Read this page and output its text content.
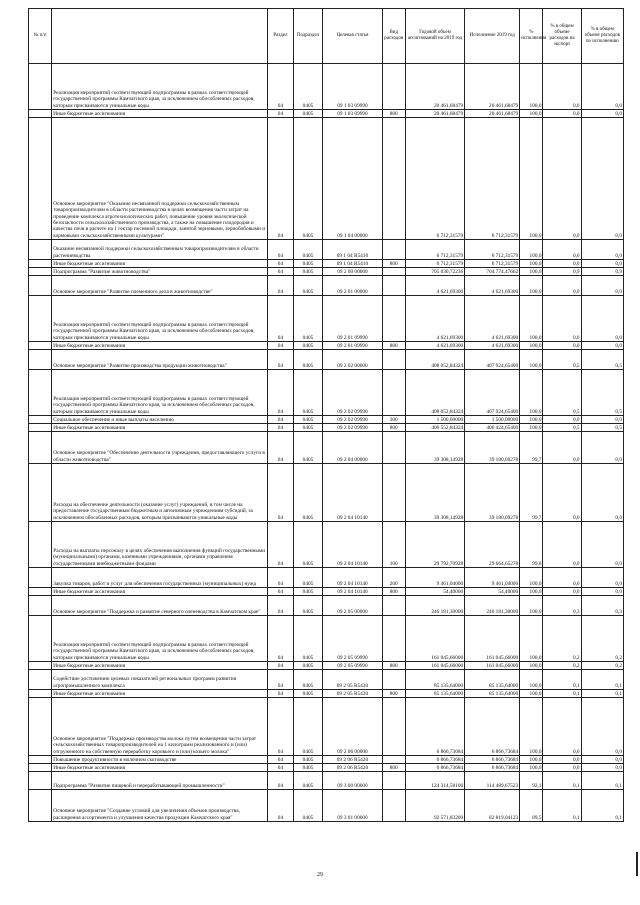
№ п/п		Раздел	Подраздел	Целевая статья	Вид расходов	Годовой объем ассигнований на 2019 год	Исполнение 2019 год	% исполнения	% в общем объеме расходов на экспорт	% в общем объеме расходов по исполнению
	Реализация мероприятий соответствующей подпрограммы в рамках соответствующей государственной программы Камчатского края, за исключением обособленных расходов, которым присваиваются уникальные коды	04	0405	09 1 03 09990		20 461,68479	20 461,68479	100,0	0,0	0,0
	Иные бюджетные ассигнования	04	0405	09 1 03 09990	800	20 461,68479	20 461,68479	100,0	0,0	0,0
	Основное мероприятие "Оказание несвязанной поддержки сельскохозяйственным товаропроизводителям в области растениеводства в целях возмещения части затрат на проведение комплекса агротехнологических работ, повышение уровня экологической безопасности сельскохозяйственного производства, а также на повышение плодородия и качества почв в расчете на 1 гектар посевной площади, занятой зерновыми, зернобобовыми и кормовыми сельскохозяйственными культурами"	04	0405	09 1 04 00000		6 712,31579	6 712,31579	100,0	0,0	0,0
	Оказание несвязанной поддержки сельскохозяйственным товаропроизводителям в области растениеводства	04	0405	09 1 04 R5410		6 712,31579	6 712,31579	100,0	0,0	0,0
	Иные бюджетные ассигнования	04	0405	09 1 04 R5410	800	6 712,31579	6 712,31579	100,0	0,0	0,0
	Подпрограмма "Развитие животноводства"	04	0405	09 2 00 00000		705 030,72236	704 774,47662	100,0	0,9	0,9
	Основное мероприятие "Развитие племенного дела в животноводстве"	04	0405	09 2 01 00000		4 621,69300	4 621,69300	100,0	0,0	0,0
	Реализация мероприятий соответствующей подпрограммы в рамках соответствующей государственной программы Камчатского края, за исключением обособленных расходов, которым присваиваются уникальные коды	04	0405	09 2 01 09990		4 621,69300	4 621,69300	100,0	0,0	0,0
	Иные бюджетные ассигнования	04	0405	09 2 01 09990	800	4 621,69300	4 621,69300	100,0	0,0	0,0
	Основное мероприятие "Развитие производства продукции животноводства"	04	0405	09 2 02 00000		408 052,84324	407 924,65400	100,0	0,5	0,5
	Реализация мероприятий соответствующей подпрограммы в рамках соответствующей государственной программы Камчатского края, за исключением обособленных расходов, которым присваиваются уникальные коды	04	0405	09 2 02 09990		408 052,84324	407 924,65400	100,0	0,5	0,5
	Социальное обеспечение и иные выплаты населению	04	0405	09 2 02 09990	300	1 500,00000	1 500,00000	100,0	0,0	0,0
	Иные бюджетные ассигнования	04	0405	09 2 02 09990	800	406 552,84324	406 424,65400	100,0	0,5	0,5
	Основное мероприятие "Обеспечение деятельности учреждения, предоставляющего услуги в области животноводства"	04	0405	09 2 04 00000		39 308,14928	39 180,09278	99,7	0,0	0,0
	Расходы на обеспечение деятельности (оказание услуг) учреждений, в том числе на предоставление государственным бюджетным и автономным учреждениям субсидий, за исключением обособленных расходов, которым присваиваются уникальные коды	04	0405	09 2 04 10140		39 308,14928	39 180,09278	99,7	0,0	0,0
	Расходы на выплаты персоналу в целях обеспечения выполнения функций государственными (муниципальными) органами, казенными учреждениями, органами управления государственными внебюджетными фондами	04	0405	09 2 04 10140	100	29 792,70928	29 664,65278	99,6	0,0	0,0
	Закупка товаров, работ и услуг для обеспечения государственных (муниципальных) нужд	04	0405	09 2 04 10140	200	9 461,04000	9 461,04000	100,0	0,0	0,0
	Иные бюджетные ассигнования	04	0405	09 2 04 10140	800	54,40000	54,40000	100,0	0,0	0,0
	Основное мероприятие "Поддержка и развитие северного оленеводства в Камчатском крае"	04	0405	09 2 05 00000		246 181,30000	246 181,30000	100,0	0,3	0,3
	Реализация мероприятий соответствующей подпрограммы в рамках соответствующей государственной программы Камчатского края, за исключением обособленных расходов, которым присваиваются уникальные коды	04	0405	09 2 05 09990		161 045,66000	161 045,66000	100,0	0,2	0,2
	Иные бюджетные ассигнования	04	0405	09 2 05 09990	800	161 045,66000	161 045,66000	100,0	0,2	0,2
	Содействие достижению целевых показателей региональных программ развития агропромышленного комплекса	04	0405	09 2 05 R5430		85 135,64000	85 135,64000	100,0	0,1	0,1
	Иные бюджетные ассигнования	04	0405	09 2 05 R5430	800	85 135,64000	85 135,64000	100,0	0,1	0,1
	Основное мероприятие "Поддержка производства молока путем возмещения части затрат сельскохозяйственных товаропроизводителей на 1 килограмм реализованного и (или) отгруженного на собственную переработку коровьего и (или) козьего молока"	04	0405	09 2 06 00000		6 866,73684	6 866,73684	100,0	0,0	0,0
	Повышение продуктивности в молочном скотоводстве	04	0405	09 2 06 R5420		6 866,73684	6 866,73684	100,0	0,0	0,0
	Иные бюджетные ассигнования	04	0405	09 2 06 R5420	800	6 866,73684	6 866,73684	100,0	0,0	0,0
	Подпрограмма "Развитие пищевой и перерабатывающей промышленности"	04	0405	09 3 00 00000		124 314,58100	114 489,67523	92,1	0,1	0,1
	Основное мероприятие "Создание условий для увеличения объемов производства, расширения ассортимента и улучшения качества продукции Камчатского края"	04	0405	09 3 01 00000		92 571,83200	82 819,04123	89,5	0,1	0,1
29
